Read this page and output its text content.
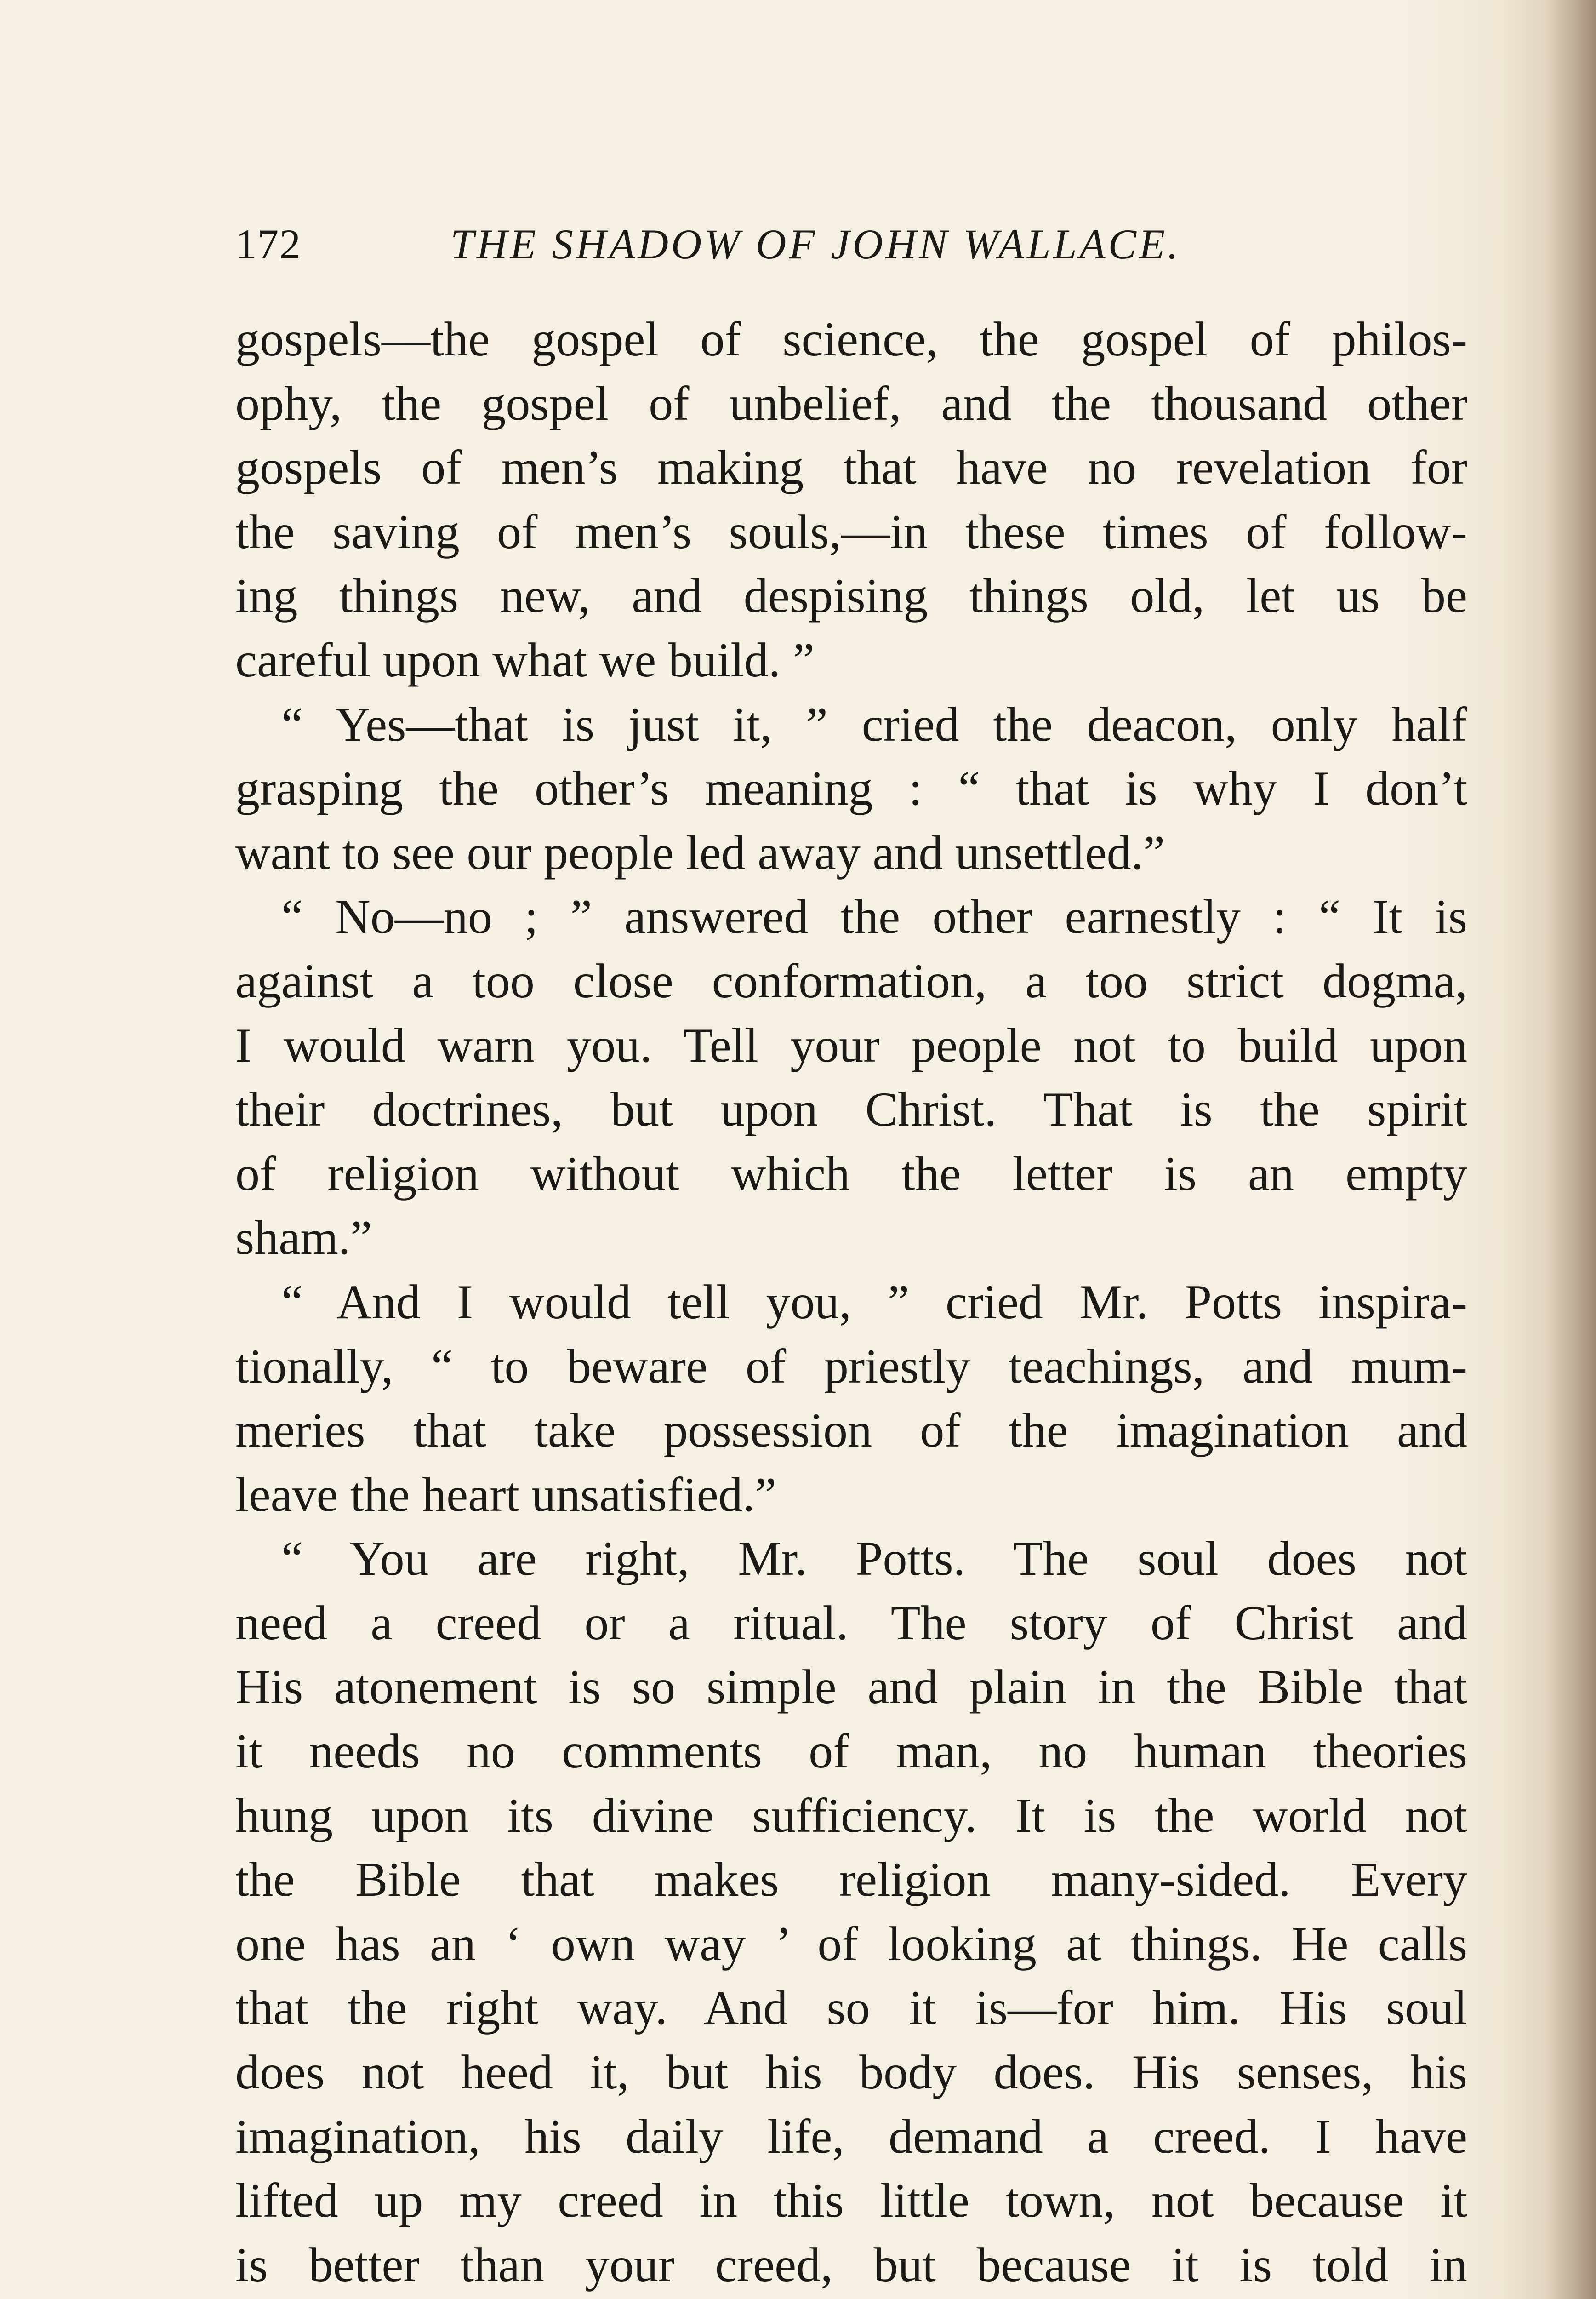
172	THE SHADOW OF JOHN WALLACE.
gospels—the gospel of science, the gospel of philos-
ophy, the gospel of unbelief, and the thousand other
gospels of men’s making that have no revelation for
the saving of men’s souls,—in these times of follow-
ing things new, and despising things old, let us be
careful upon what we build. ”
“ Yes—that is just it, ” cried the deacon, only half
grasping the other’s meaning : “ that is why I don’t
want to see our people led away and unsettled.”
“ No—no ; ” answered the other earnestly : “ It is
against a too close conformation, a too strict dogma,
I would warn you. Tell your people not to build upon
their doctrines, but upon Christ. That is the spirit
of religion without which the letter is an empty
sham.”
“ And I would tell you, ” cried Mr. Potts inspira-
tionally, “ to beware of priestly teachings, and mum-
meries that take possession of the imagination and
leave the heart unsatisfied.”
“ You are right, Mr. Potts. The soul does not
need a creed or a ritual. The story of Christ and
His atonement is so simple and plain in the Bible that
it needs no comments of man, no human theories
hung upon its divine sufficiency. It is the world not
the Bible that makes religion many-sided. Every
one has an ‘ own way ’ of looking at things. He calls
that the right way. And so it is—for him. His soul
does not heed it, but his body does. His senses, his
imagination, his daily life, demand a creed. I have
lifted up my creed in this little town, not because it
is better than your creed, but because it is told in
